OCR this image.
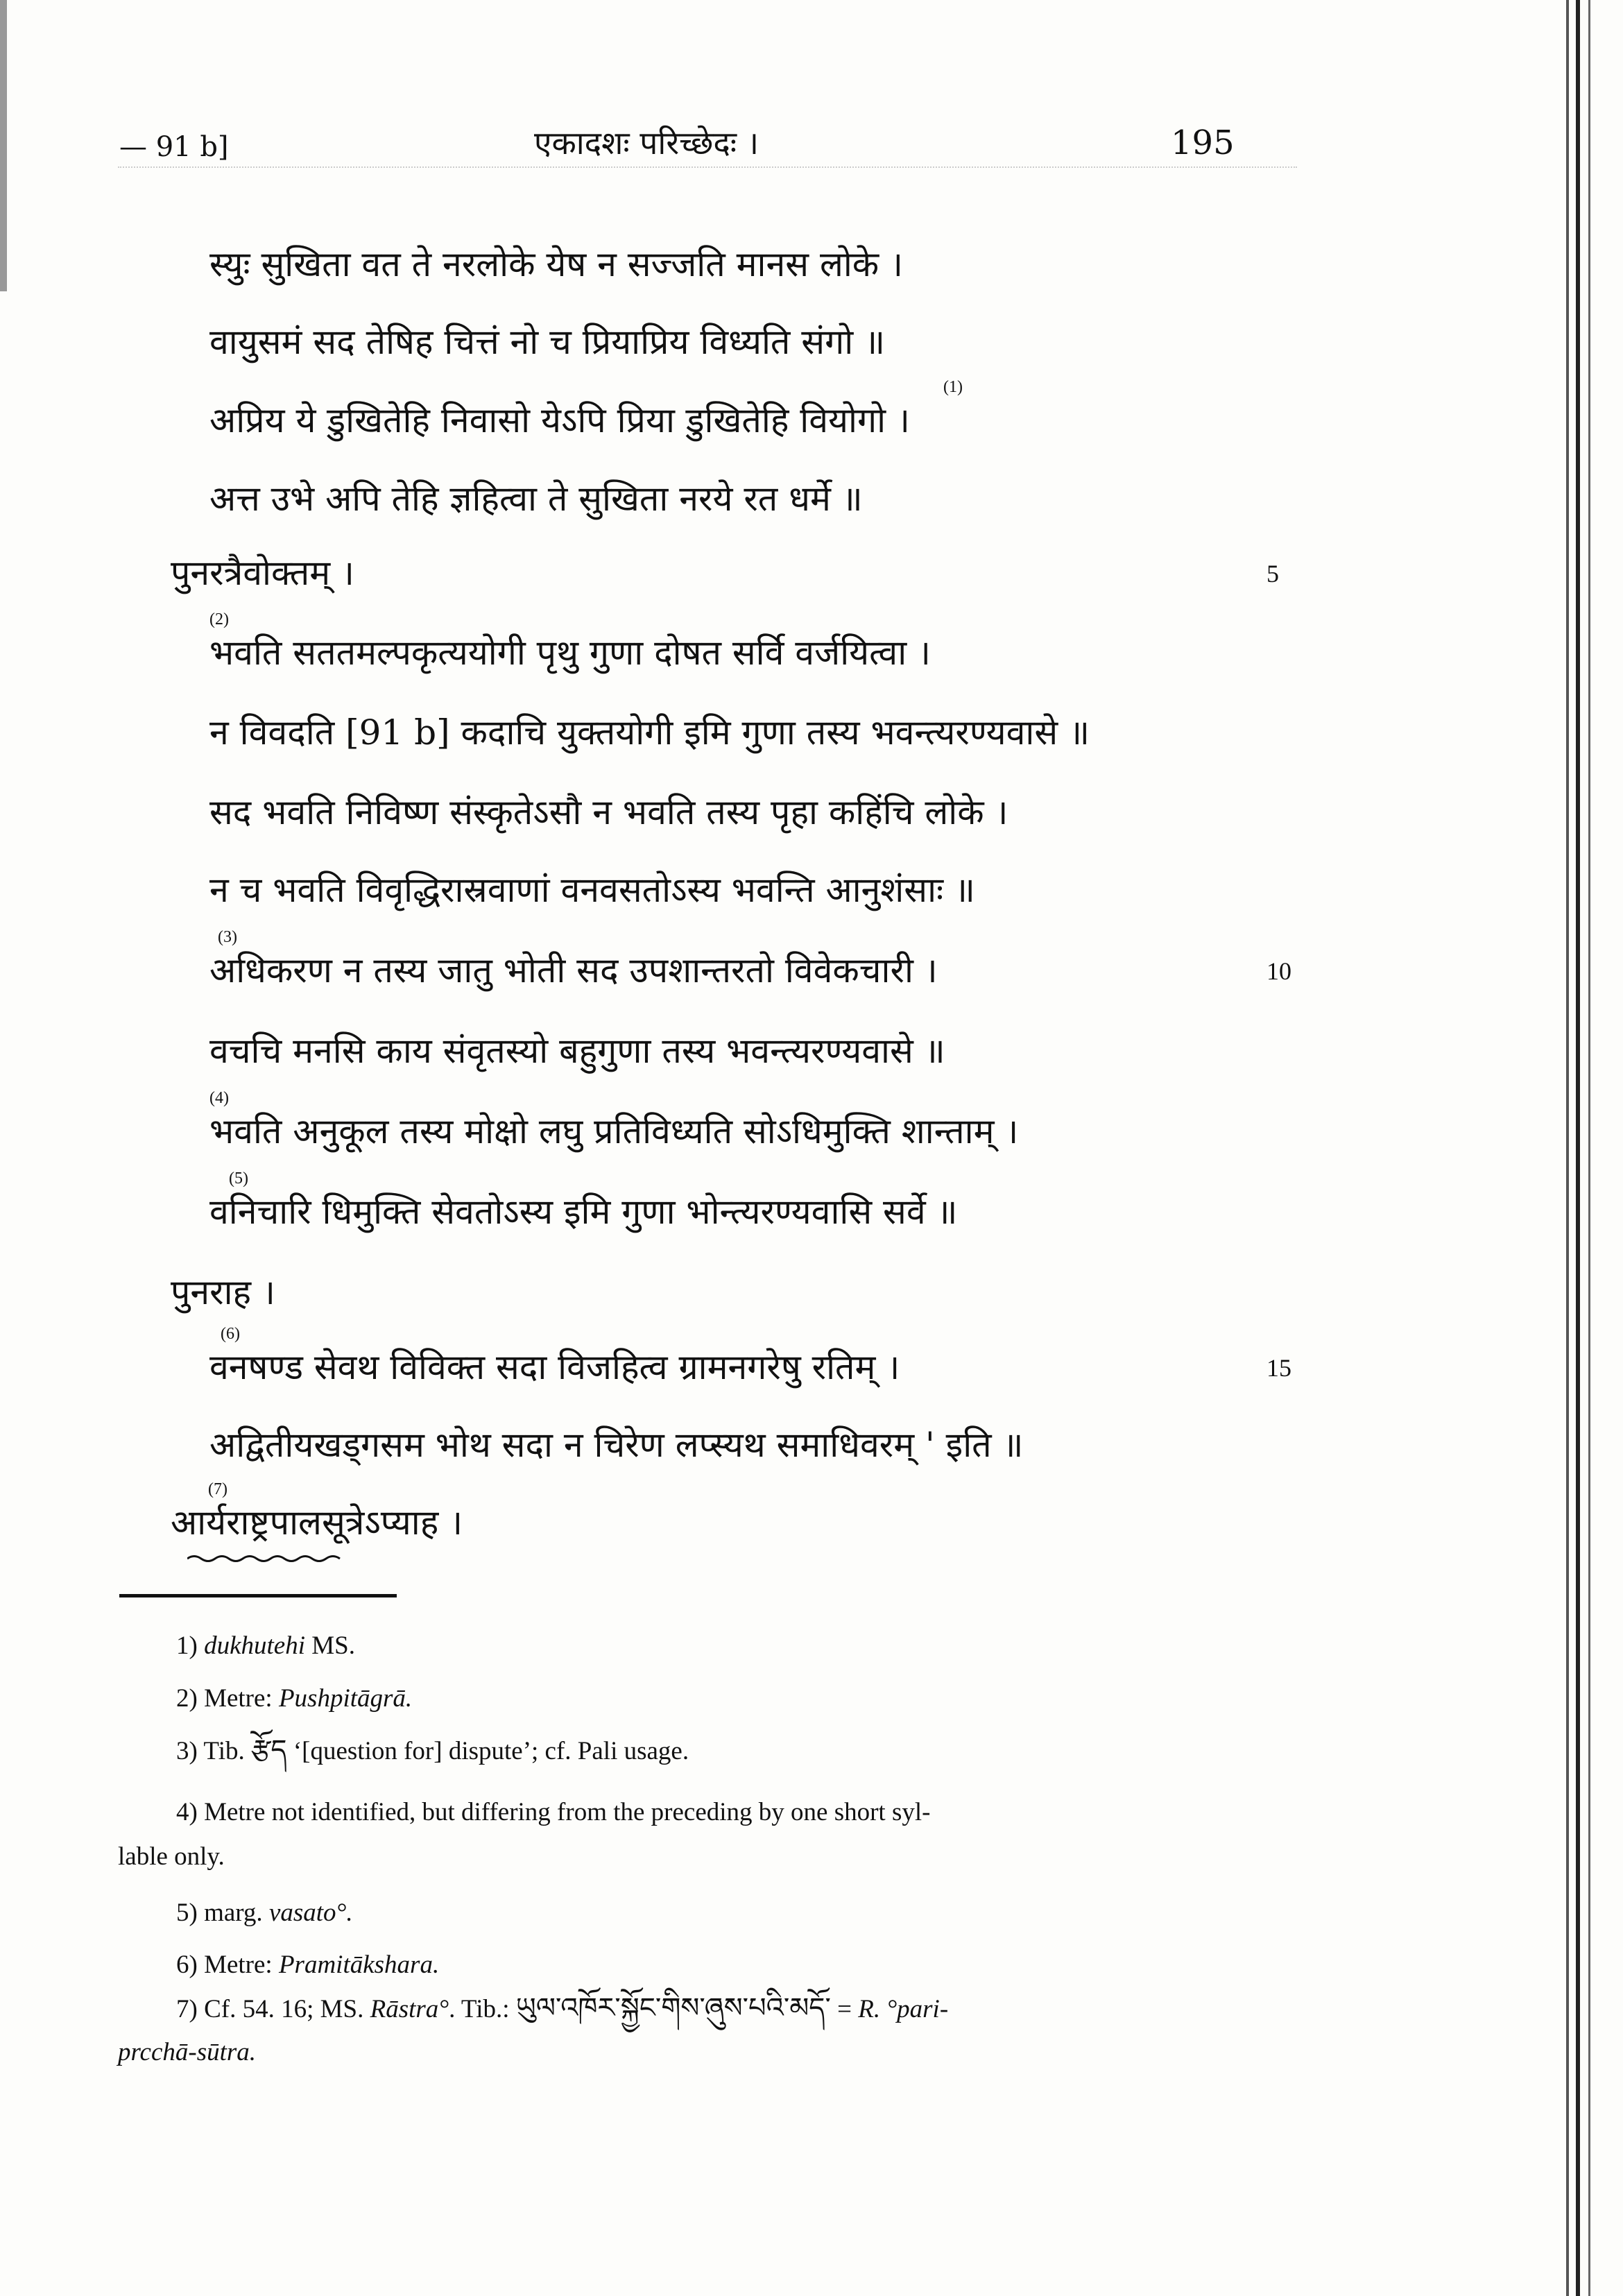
— 91 b]	एकादशः परिच्छेदः ।	195
स्युः सुखिता वत ते नरलोके येष न सज्जति मानस लोके ।
वायुसमं सद तेषिह चित्तं नो च प्रियाप्रिय विध्यति संगो ॥
अप्रिय ये डुखितेहि निवासो येऽपि प्रिया डुखितेहि वियोगो ।
(1)
अत्त उभे अपि तेहि ज्ञहित्वा ते सुखिता नरये रत धर्मे ॥
पुनरत्रैवोक्तम् ।	5
भवति सततमल्पकृत्ययोगी पृथु गुणा दोषत सर्वि वर्जयित्वा ।
(2)
न विवदति [91 b] कदाचि युक्तयोगी इमि गुणा तस्य भवन्त्यरण्यवासे ॥
सद भवति निविष्ण संस्कृतेऽसौ न भवति तस्य पृहा कहिंचि लोके ।
न च भवति विवृद्धिरास्रवाणां वनवसतोऽस्य भवन्ति आनुशंसाः ॥
अधिकरण न तस्य जातु भोती सद उपशान्तरतो विवेकचारी ।
(3)
10
वचचि मनसि काय संवृतस्यो बहुगुणा तस्य भवन्त्यरण्यवासे ॥
भवति अनुकूल तस्य मोक्षो लघु प्रतिविध्यति सोऽधिमुक्ति शान्ताम् ।
(4)
वनिचारि धिमुक्ति सेवतोऽस्य इमि गुणा भोन्त्यरण्यवासि सर्वे ॥
(5)
पुनराह ।
वनषण्ड सेवथ विविक्त सदा विजहित्व ग्रामनगरेषु रतिम् ।
(6)
15
अद्वितीयखड्गसम भोथ सदा न चिरेण लप्स्यथ समाधिवरम् ' इति ॥
आर्यराष्ट्रपालसूत्रेऽप्याह ।
(7)
1) dukhutehi MS.
2) Metre: Pushpitāgrā.
3) Tib. རྩོད ‘[question for] dispute’; cf. Pali usage.
4) Metre not identified, but differing from the preceding by one short syl-
lable only.
5) marg. vasato°.
6) Metre: Pramitākshara.
7) Cf. 54. 16; MS. Rāstra°. Tib.: ཡུལ་འཁོར་སྐྱོང་གིས་ཞུས་པའི་མདོ་ = R. °pari-
prcchā-sūtra.
